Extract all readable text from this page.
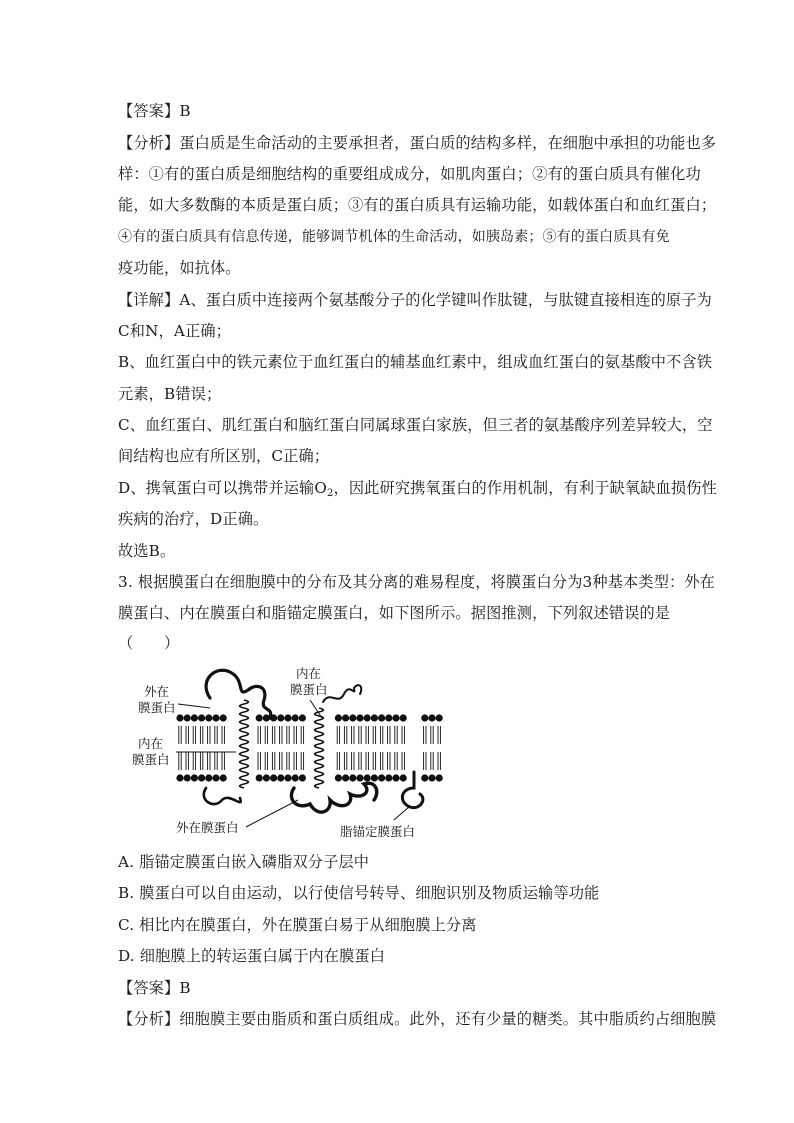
【答案】B
【分析】蛋白质是生命活动的主要承担者，蛋白质的结构多样，在细胞中承担的功能也多
样：①有的蛋白质是细胞结构的重要组成成分，如肌肉蛋白；②有的蛋白质具有催化功
能，如大多数酶的本质是蛋白质；③有的蛋白质具有运输功能，如载体蛋白和血红蛋白；
④有的蛋白质具有信息传递，能够调节机体的生命活动，如胰岛素；⑤有的蛋白质具有免
疫功能，如抗体。
【详解】A、蛋白质中连接两个氨基酸分子的化学键叫作肽键，与肽键直接相连的原子为
C和N，A正确；
B、血红蛋白中的铁元素位于血红蛋白的辅基血红素中，组成血红蛋白的氨基酸中不含铁
元素，B错误；
C、血红蛋白、肌红蛋白和脑红蛋白同属球蛋白家族，但三者的氨基酸序列差异较大，空
间结构也应有所区别，C正确；
D、携氧蛋白可以携带并运输$O_2$，因此研究携氧蛋白的作用机制，有利于缺氧缺血损伤性
疾病的治疗，D正确。
故选B。
3. 根据膜蛋白在细胞膜中的分布及其分离的难易程度，将膜蛋白分为3种基本类型：外在
膜蛋白、内在膜蛋白和脂锚定膜蛋白，如下图所示。据图推测，下列叙述错误的是
（　　）
外在
膜蛋白
内在
膜蛋白
内在
膜蛋白
外在膜蛋白	脂锚定膜蛋白
A. 脂锚定膜蛋白嵌入磷脂双分子层中
B. 膜蛋白可以自由运动，以行使信号转导、细胞识别及物质运输等功能
C. 相比内在膜蛋白，外在膜蛋白易于从细胞膜上分离
D. 细胞膜上的转运蛋白属于内在膜蛋白
【答案】B
【分析】细胞膜主要由脂质和蛋白质组成。此外，还有少量的糖类。其中脂质约占细胞膜
